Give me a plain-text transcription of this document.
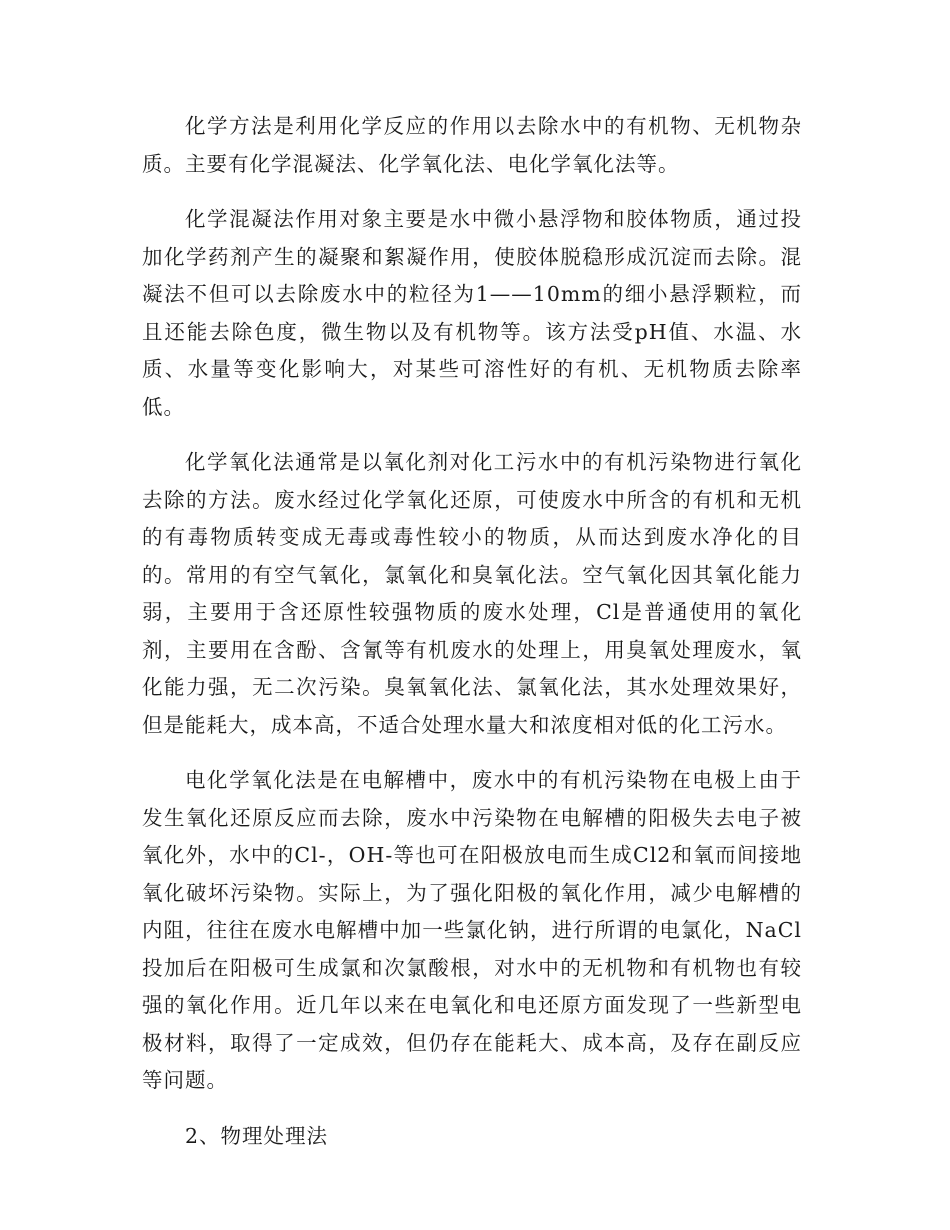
化学方法是利用化学反应的作用以去除水中的有机物、无机物杂质。主要有化学混凝法、化学氧化法、电化学氧化法等。

化学混凝法作用对象主要是水中微小悬浮物和胶体物质，通过投加化学药剂产生的凝聚和絮凝作用，使胶体脱稳形成沉淀而去除。混凝法不但可以去除废水中的粒径为1——10mm的细小悬浮颗粒，而且还能去除色度，微生物以及有机物等。该方法受pH值、水温、水质、水量等变化影响大，对某些可溶性好的有机、无机物质去除率低。

化学氧化法通常是以氧化剂对化工污水中的有机污染物进行氧化去除的方法。废水经过化学氧化还原，可使废水中所含的有机和无机的有毒物质转变成无毒或毒性较小的物质，从而达到废水净化的目的。常用的有空气氧化，氯氧化和臭氧化法。空气氧化因其氧化能力弱，主要用于含还原性较强物质的废水处理，Cl是普通使用的氧化剂，主要用在含酚、含氰等有机废水的处理上，用臭氧处理废水，氧化能力强，无二次污染。臭氧氧化法、氯氧化法，其水处理效果好，但是能耗大，成本高，不适合处理水量大和浓度相对低的化工污水。

电化学氧化法是在电解槽中，废水中的有机污染物在电极上由于发生氧化还原反应而去除，废水中污染物在电解槽的阳极失去电子被氧化外，水中的Cl-，OH-等也可在阳极放电而生成Cl2和氧而间接地氧化破坏污染物。实际上，为了强化阳极的氧化作用，减少电解槽的内阻，往往在废水电解槽中加一些氯化钠，进行所谓的电氯化，NaCl投加后在阳极可生成氯和次氯酸根，对水中的无机物和有机物也有较强的氧化作用。近几年以来在电氧化和电还原方面发现了一些新型电极材料，取得了一定成效，但仍存在能耗大、成本高，及存在副反应等问题。

2、物理处理法
